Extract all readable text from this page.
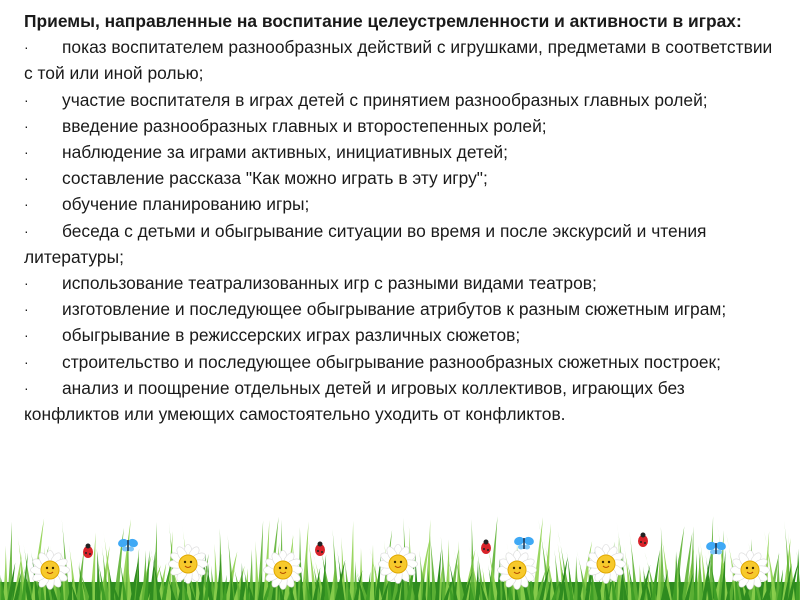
Приемы, направленные на воспитание целеустремленности и активности в играх:

· показ воспитателем разнообразных действий с игрушками, предметами в соответствии с той или иной ролью;
· участие воспитателя в играх детей с принятием разнообразных главных ролей;
· введение разнообразных главных и второстепенных ролей;
· наблюдение за играми активных, инициативных детей;
· составление рассказа "Как можно играть в эту игру";
· обучение планированию игры;
· беседа с детьми и обыгрывание ситуации во время и после экскурсий и чтения литературы;
· использование театрализованных игр с разными видами театров;
· изготовление и последующее обыгрывание атрибутов к разным сюжетным играм;
· обыгрывание в режиссерских играх различных сюжетов;
· строительство и последующее обыгрывание разнообразных сюжетных построек;
· анализ и поощрение отдельных детей и игровых коллективов, играющих без конфликтов или умеющих самостоятельно уходить от конфликтов.
